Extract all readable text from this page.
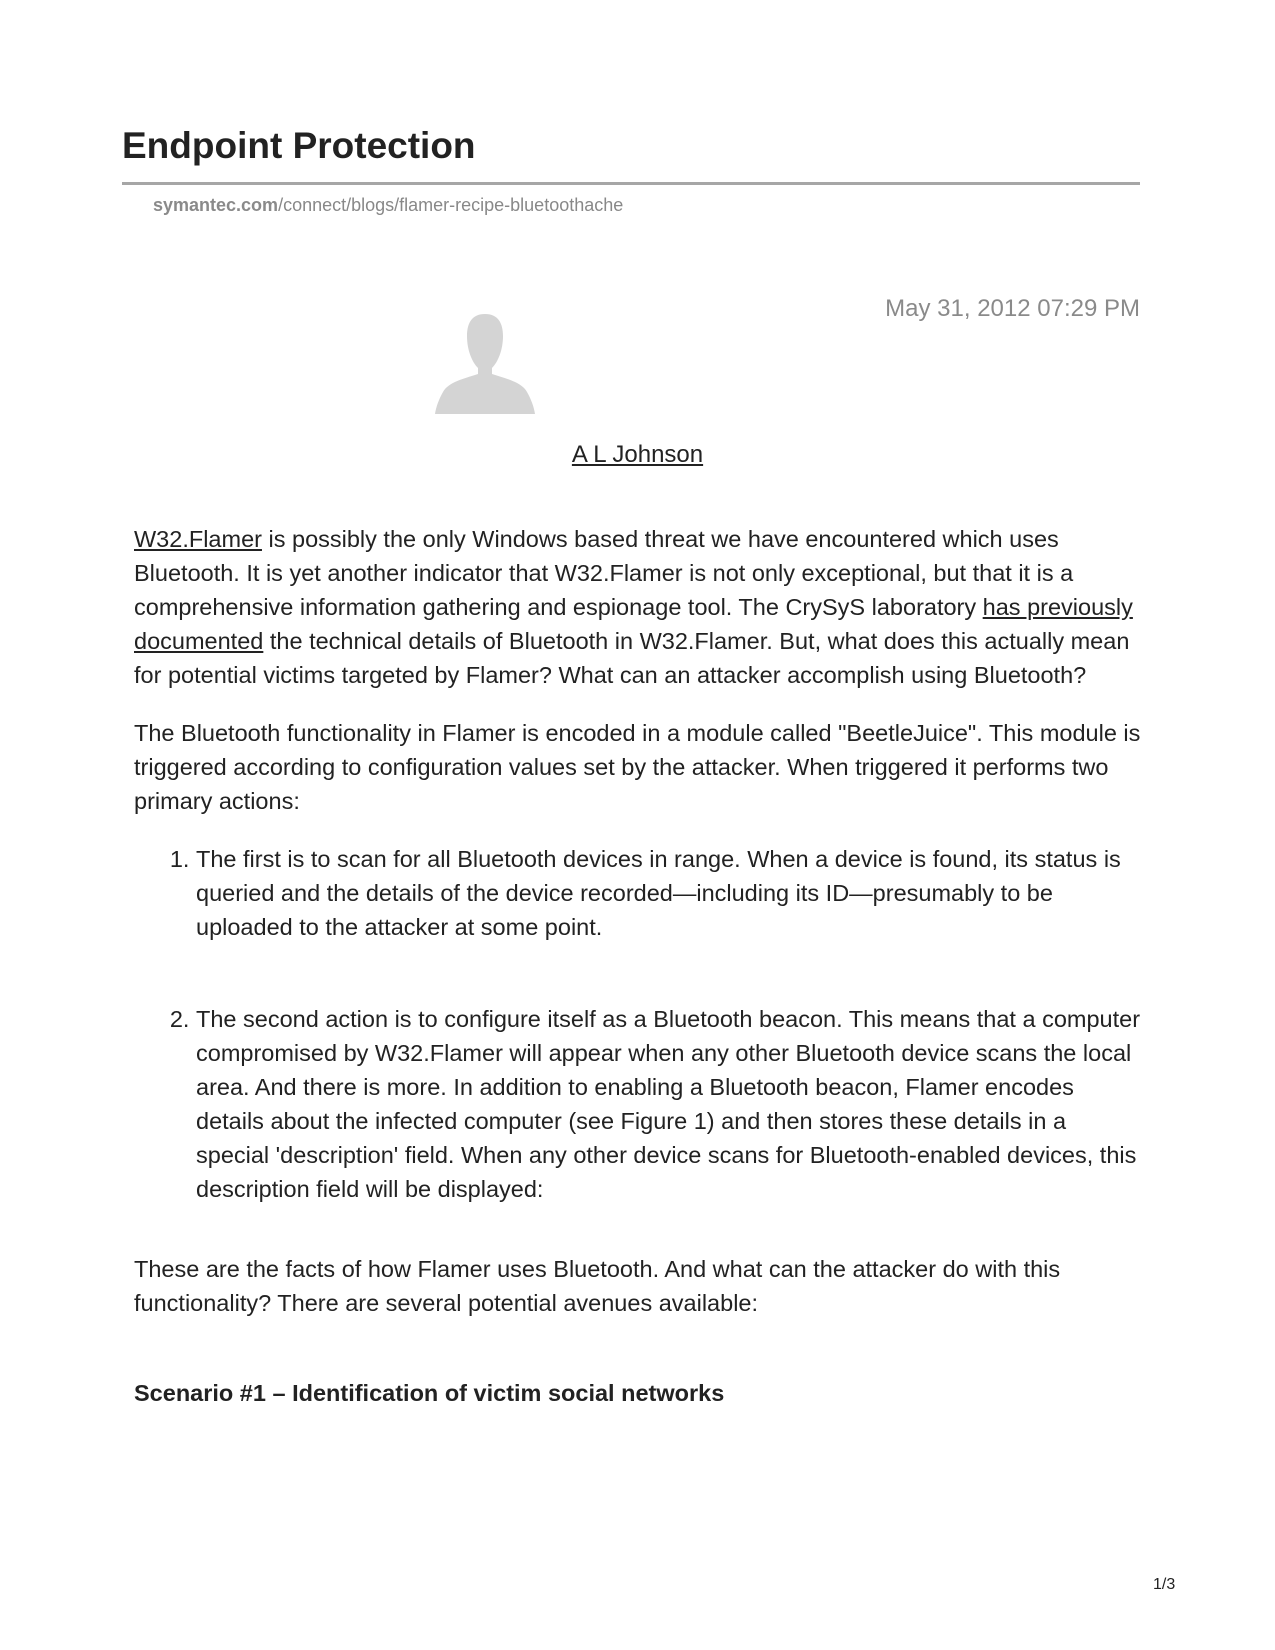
Endpoint Protection
symantec.com/connect/blogs/flamer-recipe-bluetoothache
May 31, 2012 07:29 PM
A L Johnson

W32.Flamer is possibly the only Windows based threat we have encountered which uses Bluetooth. It is yet another indicator that W32.Flamer is not only exceptional, but that it is a comprehensive information gathering and espionage tool. The CrySyS laboratory has previously documented the technical details of Bluetooth in W32.Flamer. But, what does this actually mean for potential victims targeted by Flamer? What can an attacker accomplish using Bluetooth?

The Bluetooth functionality in Flamer is encoded in a module called "BeetleJuice". This module is triggered according to configuration values set by the attacker. When triggered it performs two primary actions:

1. The first is to scan for all Bluetooth devices in range. When a device is found, its status is queried and the details of the device recorded—including its ID—presumably to be uploaded to the attacker at some point.
2. The second action is to configure itself as a Bluetooth beacon. This means that a computer compromised by W32.Flamer will appear when any other Bluetooth device scans the local area. And there is more. In addition to enabling a Bluetooth beacon, Flamer encodes details about the infected computer (see Figure 1) and then stores these details in a special 'description' field. When any other device scans for Bluetooth-enabled devices, this description field will be displayed:

These are the facts of how Flamer uses Bluetooth. And what can the attacker do with this functionality? There are several potential avenues available:

Scenario #1 – Identification of victim social networks
1/3
